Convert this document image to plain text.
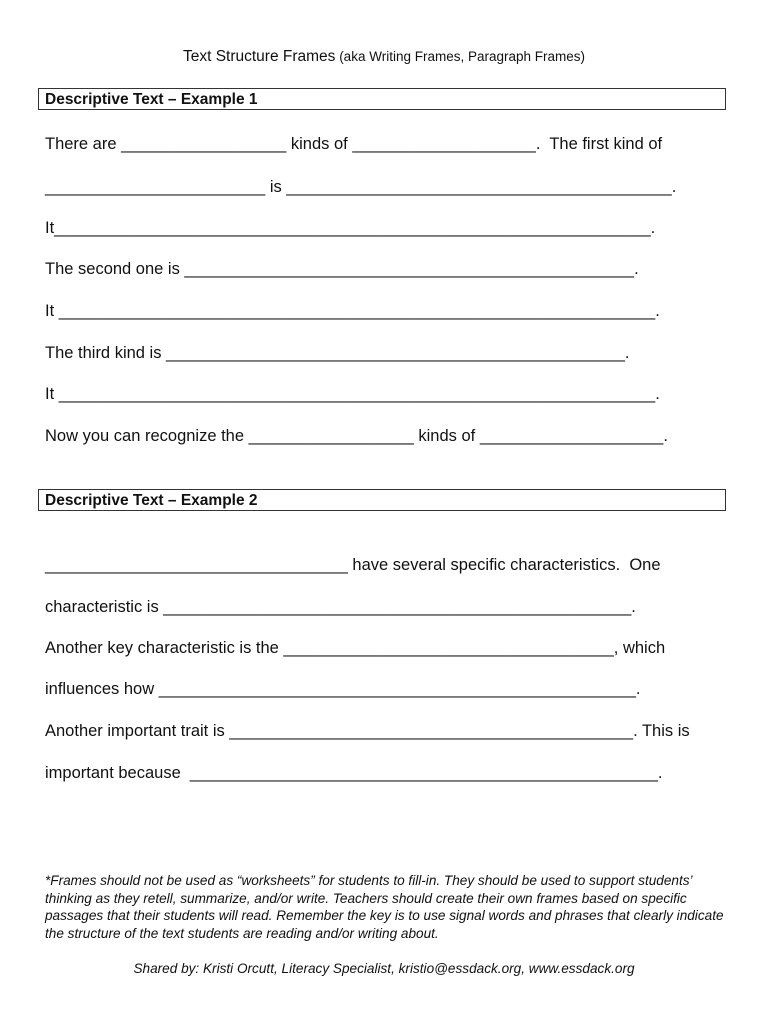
Text Structure Frames (aka Writing Frames, Paragraph Frames)
Descriptive Text – Example 1
There are __________________ kinds of ____________________.  The first kind of
________________________ is __________________________________________.
It_________________________________________________________________.
The second one is _________________________________________________.
It _________________________________________________________________.
The third kind is __________________________________________________.
It _________________________________________________________________.
Now you can recognize the __________________ kinds of ____________________.
Descriptive Text – Example 2
_________________________________ have several specific characteristics.  One
characteristic is ___________________________________________________.
Another key characteristic is the ____________________________________, which
influences how ____________________________________________________.
Another important trait is ____________________________________________. This is
important because  ___________________________________________________.
*Frames should not be used as “worksheets” for students to fill-in. They should be used to support students’ thinking as they retell, summarize, and/or write. Teachers should create their own frames based on specific passages that their students will read. Remember the key is to use signal words and phrases that clearly indicate the structure of the text students are reading and/or writing about.
Shared by: Kristi Orcutt, Literacy Specialist, kristio@essdack.org, www.essdack.org
